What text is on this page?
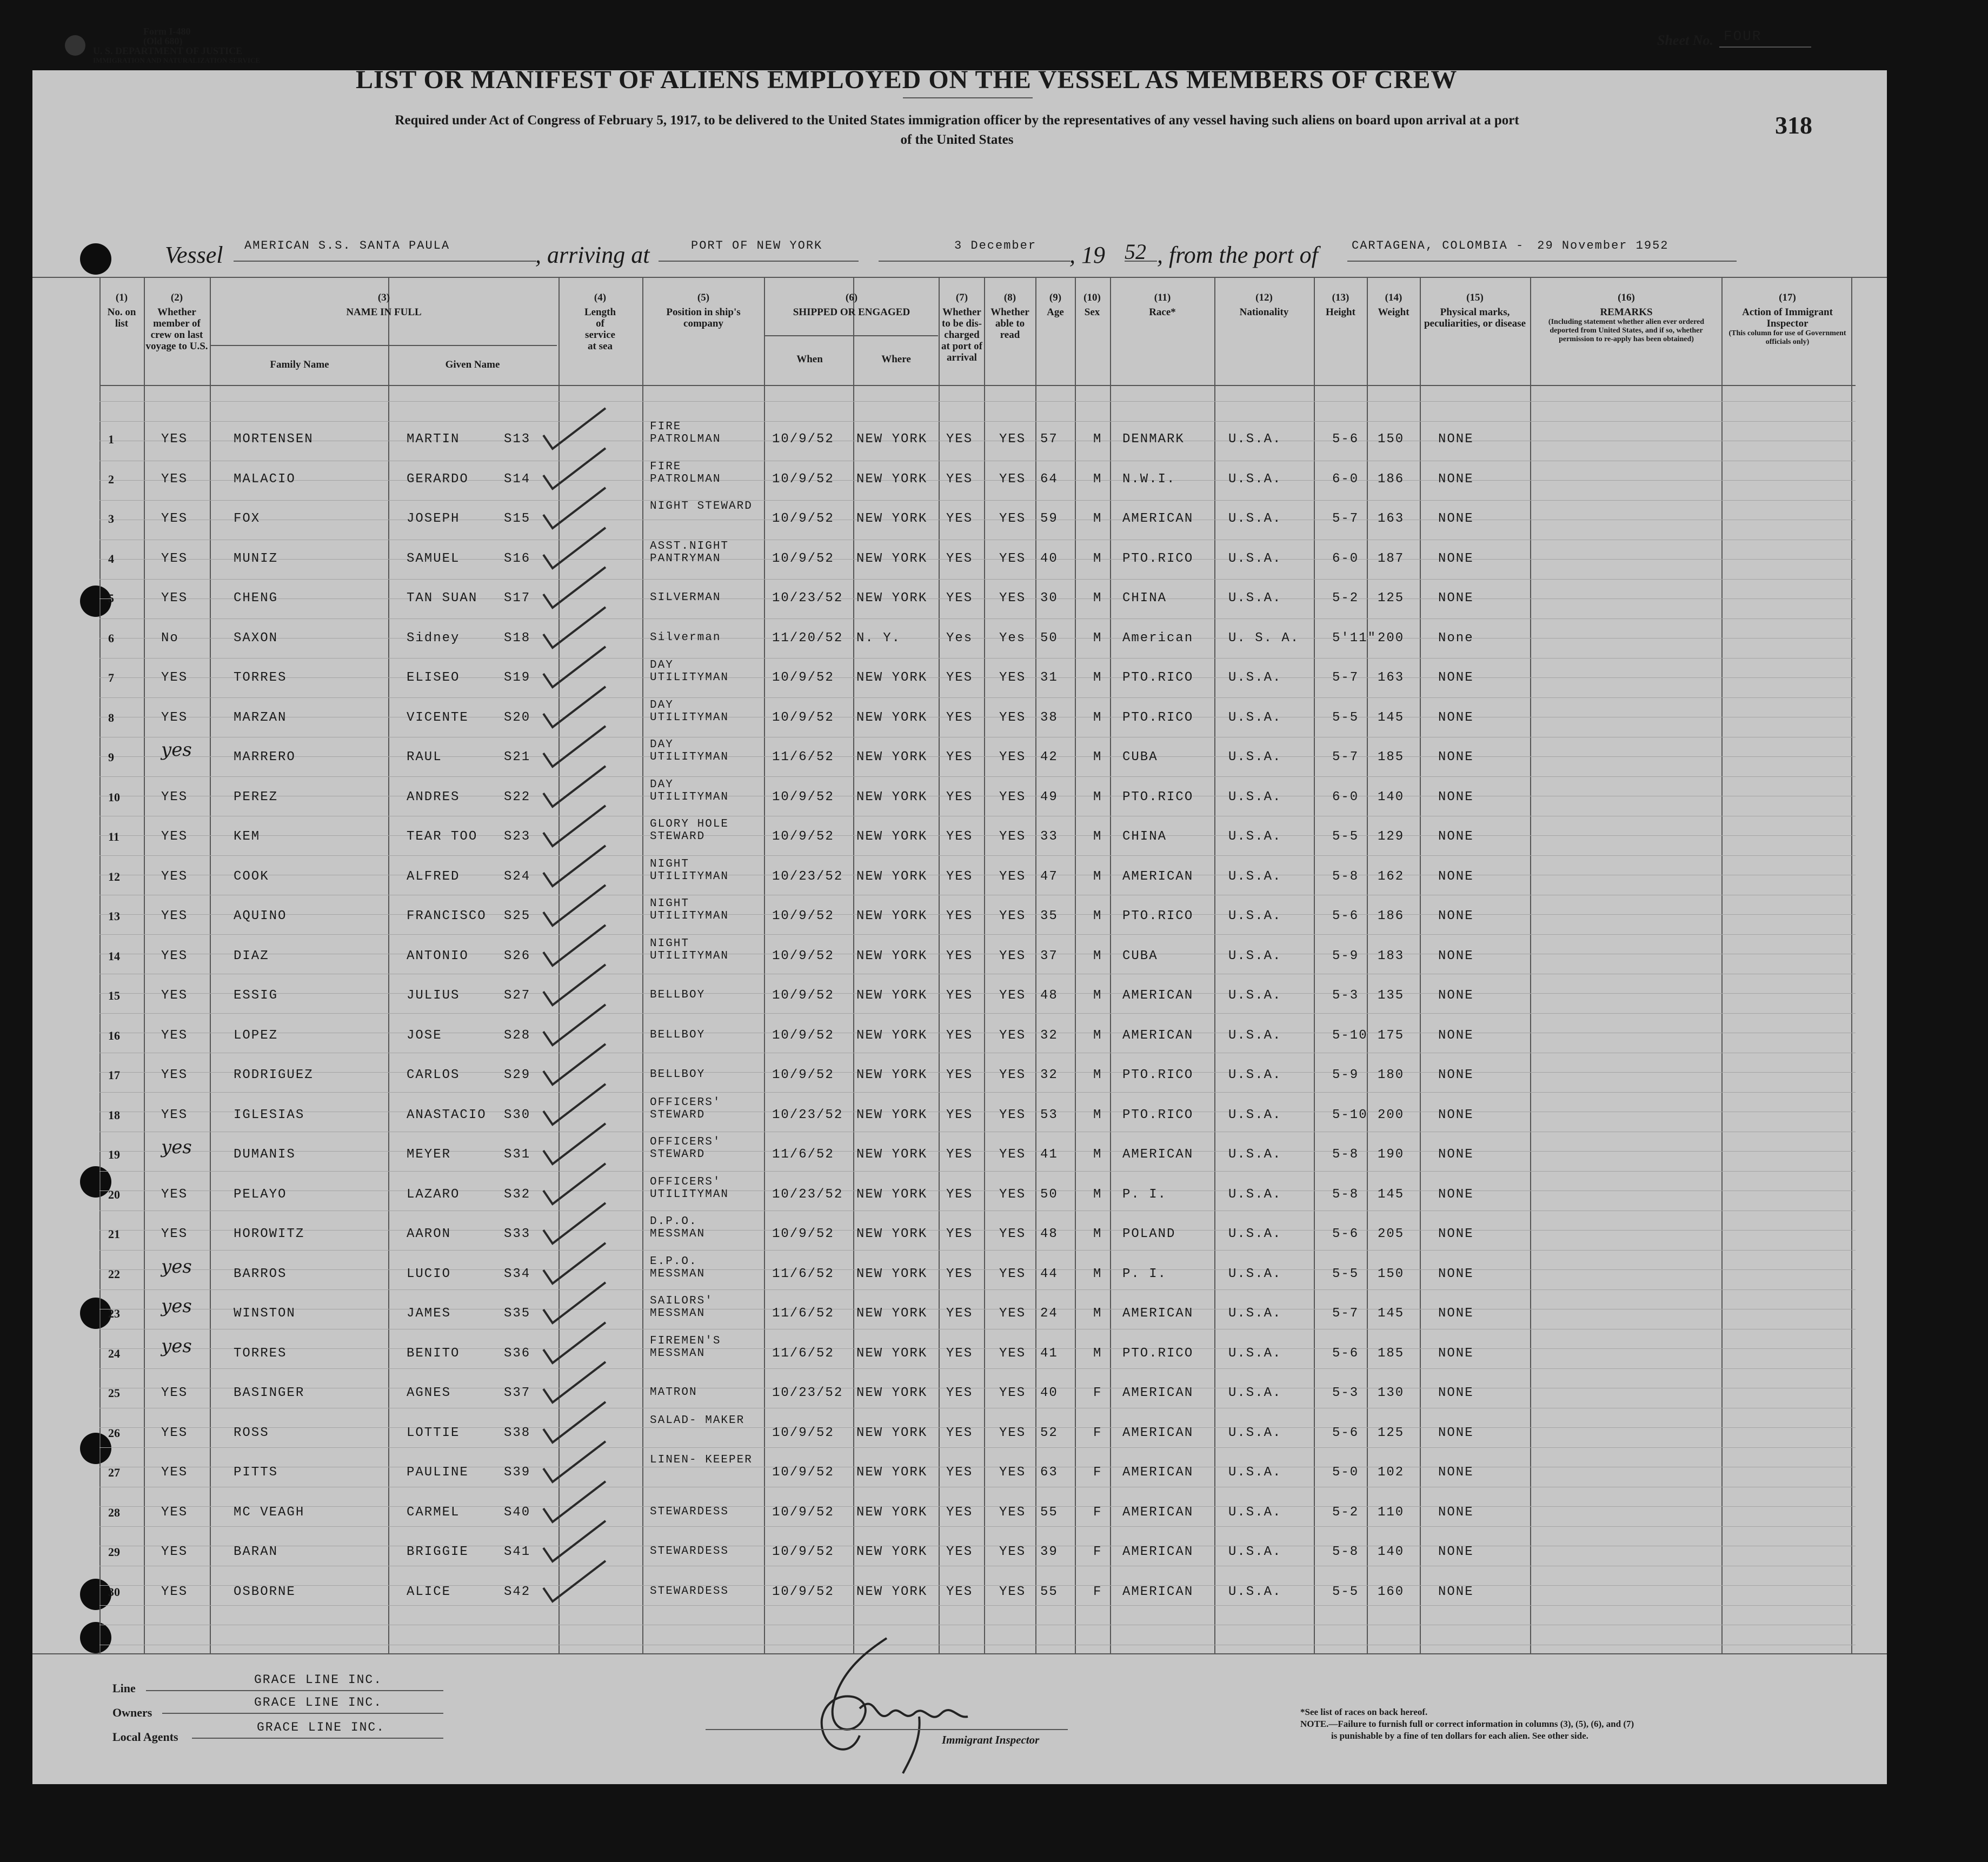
Form I-480
(Old 680)
U. S. DEPARTMENT OF JUSTICE
IMMIGRATION AND NATURALIZATION SERVICE
Sheet No. FOUR
LIST OR MANIFEST OF ALIENS EMPLOYED ON THE VESSEL AS MEMBERS OF CREW
Required under Act of Congress of February 5, 1917, to be delivered to the United States immigration officer by the representatives of any vessel having such aliens on board upon arrival at a port
of the United States
318
Vessel	AMERICAN S.S. SANTA PAULA	, arriving at	PORT OF NEW YORK	3 December	, 19 52 , from the port of	CARTAGENA, COLOMBIA - 29 November 1952
(1)
No. on list
(2)
Whether member of crew on last voyage to U.S.
(3)
NAME IN FULL
Family Name	Given Name
(4)
Length of service at sea
(5)
Position in ship's company
(6)
SHIPPED OR ENGAGED
When	Where
(7)
Whether to be dis-charged at port of arrival
(8)
Whether able to read
(9)
Age
(10)
Sex
(11)
Race*
(12)
Nationality
(13)
Height
(14)
Weight
(15)
Physical marks, peculiarities, or disease
(16)
REMARKS
(Including statement whether alien ever ordered deported from United States, and if so, whether permission to re-apply has been obtained)
(17)
Action of Immigrant Inspector
(This column for use of Government officials only)
1	YES	MORTENSEN	MARTIN	S13
FIRE PATROLMAN	10/9/52 NEW YORK YES YES 57	M DENMARK	U.S.A.	5-6 150	NONE
2	YES	MALACIO	GERARDO	S14
FIRE PATROLMAN	10/9/52 NEW YORK YES YES 64	M N.W.I.	U.S.A.	6-0 186	NONE
3	YES	FOX	JOSEPH	S15
NIGHT STEWARD
10/9/52 NEW YORK YES YES 59	M AMERICAN	U.S.A.	5-7 163	NONE
4	YES	MUNIZ	SAMUEL	S16
ASST.NIGHT PANTRYMAN	10/9/52 NEW YORK YES YES 40	M PTO.RICO	U.S.A.	6-0 187	NONE
5	YES	CHENG	TAN SUAN S17	SILVERMAN	10/23/52 NEW YORK YES YES 30	M CHINA	U.S.A.	5-2 125	NONE
6	No	SAXON	Sidney	S18	Silverman	11/20/52 N. Y.	Yes Yes 50	M American	U. S. A.	5'11" 200	None
7	YES	TORRES	ELISEO	S19
DAY UTILITYMAN	10/9/52 NEW YORK YES YES 31	M PTO.RICO	U.S.A.	5-7 163	NONE
8	YES	MARZAN	VICENTE	S20
DAY UTILITYMAN	10/9/52 NEW YORK YES YES 38	M PTO.RICO	U.S.A.	5-5 145	NONE
9	yes	MARRERO	RAUL	S21
DAY UTILITYMAN	11/6/52 NEW YORK YES YES 42	M CUBA	U.S.A.	5-7 185	NONE
10	YES	PEREZ	ANDRES	S22
DAY UTILITYMAN	10/9/52 NEW YORK YES YES 49	M PTO.RICO	U.S.A.	6-0 140	NONE
11	YES	KEM	TEAR TOO S23
GLORY HOLE STEWARD	10/9/52 NEW YORK YES YES 33	M CHINA	U.S.A.	5-5 129	NONE
12	YES	COOK	ALFRED	S24
NIGHT UTILITYMAN	10/23/52 NEW YORK YES YES 47	M AMERICAN	U.S.A.	5-8 162	NONE
13	YES	AQUINO	FRANCISCO S25
NIGHT UTILITYMAN	10/9/52 NEW YORK YES YES 35	M PTO.RICO	U.S.A.	5-6 186	NONE
14	YES	DIAZ	ANTONIO	S26
NIGHT UTILITYMAN	10/9/52 NEW YORK YES YES 37	M CUBA	U.S.A.	5-9 183	NONE
15	YES	ESSIG	JULIUS	S27	BELLBOY	10/9/52 NEW YORK YES YES 48	M AMERICAN	U.S.A.	5-3 135	NONE
16	YES	LOPEZ	JOSE	S28	BELLBOY	10/9/52 NEW YORK YES YES 32	M AMERICAN	U.S.A.	5-10 175	NONE
17	YES	RODRIGUEZ	CARLOS	S29	BELLBOY	10/9/52 NEW YORK YES YES 32	M PTO.RICO	U.S.A.	5-9 180	NONE
18	YES	IGLESIAS	ANASTACIO S30
OFFICERS' STEWARD	10/23/52 NEW YORK YES YES 53	M PTO.RICO	U.S.A.	5-10 200	NONE
19 yes	DUMANIS	MEYER	S31
OFFICERS' STEWARD	11/6/52 NEW YORK YES YES 41	M AMERICAN	U.S.A.	5-8 190	NONE
20	YES	PELAYO	LAZARO	S32
OFFICERS' UTILITYMAN	10/23/52 NEW YORK YES YES 50	M P. I.	U.S.A.	5-8 145	NONE
21	YES	HOROWITZ	AARON	S33
D.P.O. MESSMAN	10/9/52 NEW YORK YES YES 48	M POLAND	U.S.A.	5-6 205	NONE
22 yes	BARROS	LUCIO	S34
E.P.O. MESSMAN	11/6/52 NEW YORK YES YES 44	M P. I.	U.S.A.	5-5 150	NONE
23 yes	WINSTON	JAMES	S35
SAILORS' MESSMAN	11/6/52 NEW YORK YES YES 24	M AMERICAN	U.S.A.	5-7 145	NONE
24 yes	TORRES	BENITO	S36
FIREMEN'S MESSMAN	11/6/52 NEW YORK YES YES 41	M PTO.RICO	U.S.A.	5-6 185	NONE
25	YES	BASINGER	AGNES	S37	MATRON	10/23/52 NEW YORK YES YES 40	F AMERICAN	U.S.A.	5-3 130	NONE
26	YES	ROSS	LOTTIE	S38
SALAD- MAKER
10/9/52 NEW YORK YES YES 52	F AMERICAN	U.S.A.	5-6 125	NONE
27	YES	PITTS	PAULINE	S39
LINEN- KEEPER
10/9/52 NEW YORK YES YES 63	F AMERICAN	U.S.A.	5-0 102	NONE
28	YES	MC VEAGH	CARMEL	S40	STEWARDESS	10/9/52 NEW YORK YES YES 55	F AMERICAN	U.S.A.	5-2 110	NONE
29	YES	BARAN	BRIGGIE	S41	STEWARDESS	10/9/52 NEW YORK YES YES 39	F AMERICAN	U.S.A.	5-8 140	NONE
30	YES	OSBORNE	ALICE	S42	STEWARDESS	10/9/52 NEW YORK YES YES 55	F AMERICAN	U.S.A.	5-5 160	NONE
Line
GRACE LINE INC.
Owners
GRACE LINE INC.
Local Agents
GRACE LINE INC.
Immigrant Inspector
*See list of races on back hereof.
NOTE.—Failure to furnish full or correct information in columns (3), (5), (6), and (7)
is punishable by a fine of ten dollars for each alien. See other side.
